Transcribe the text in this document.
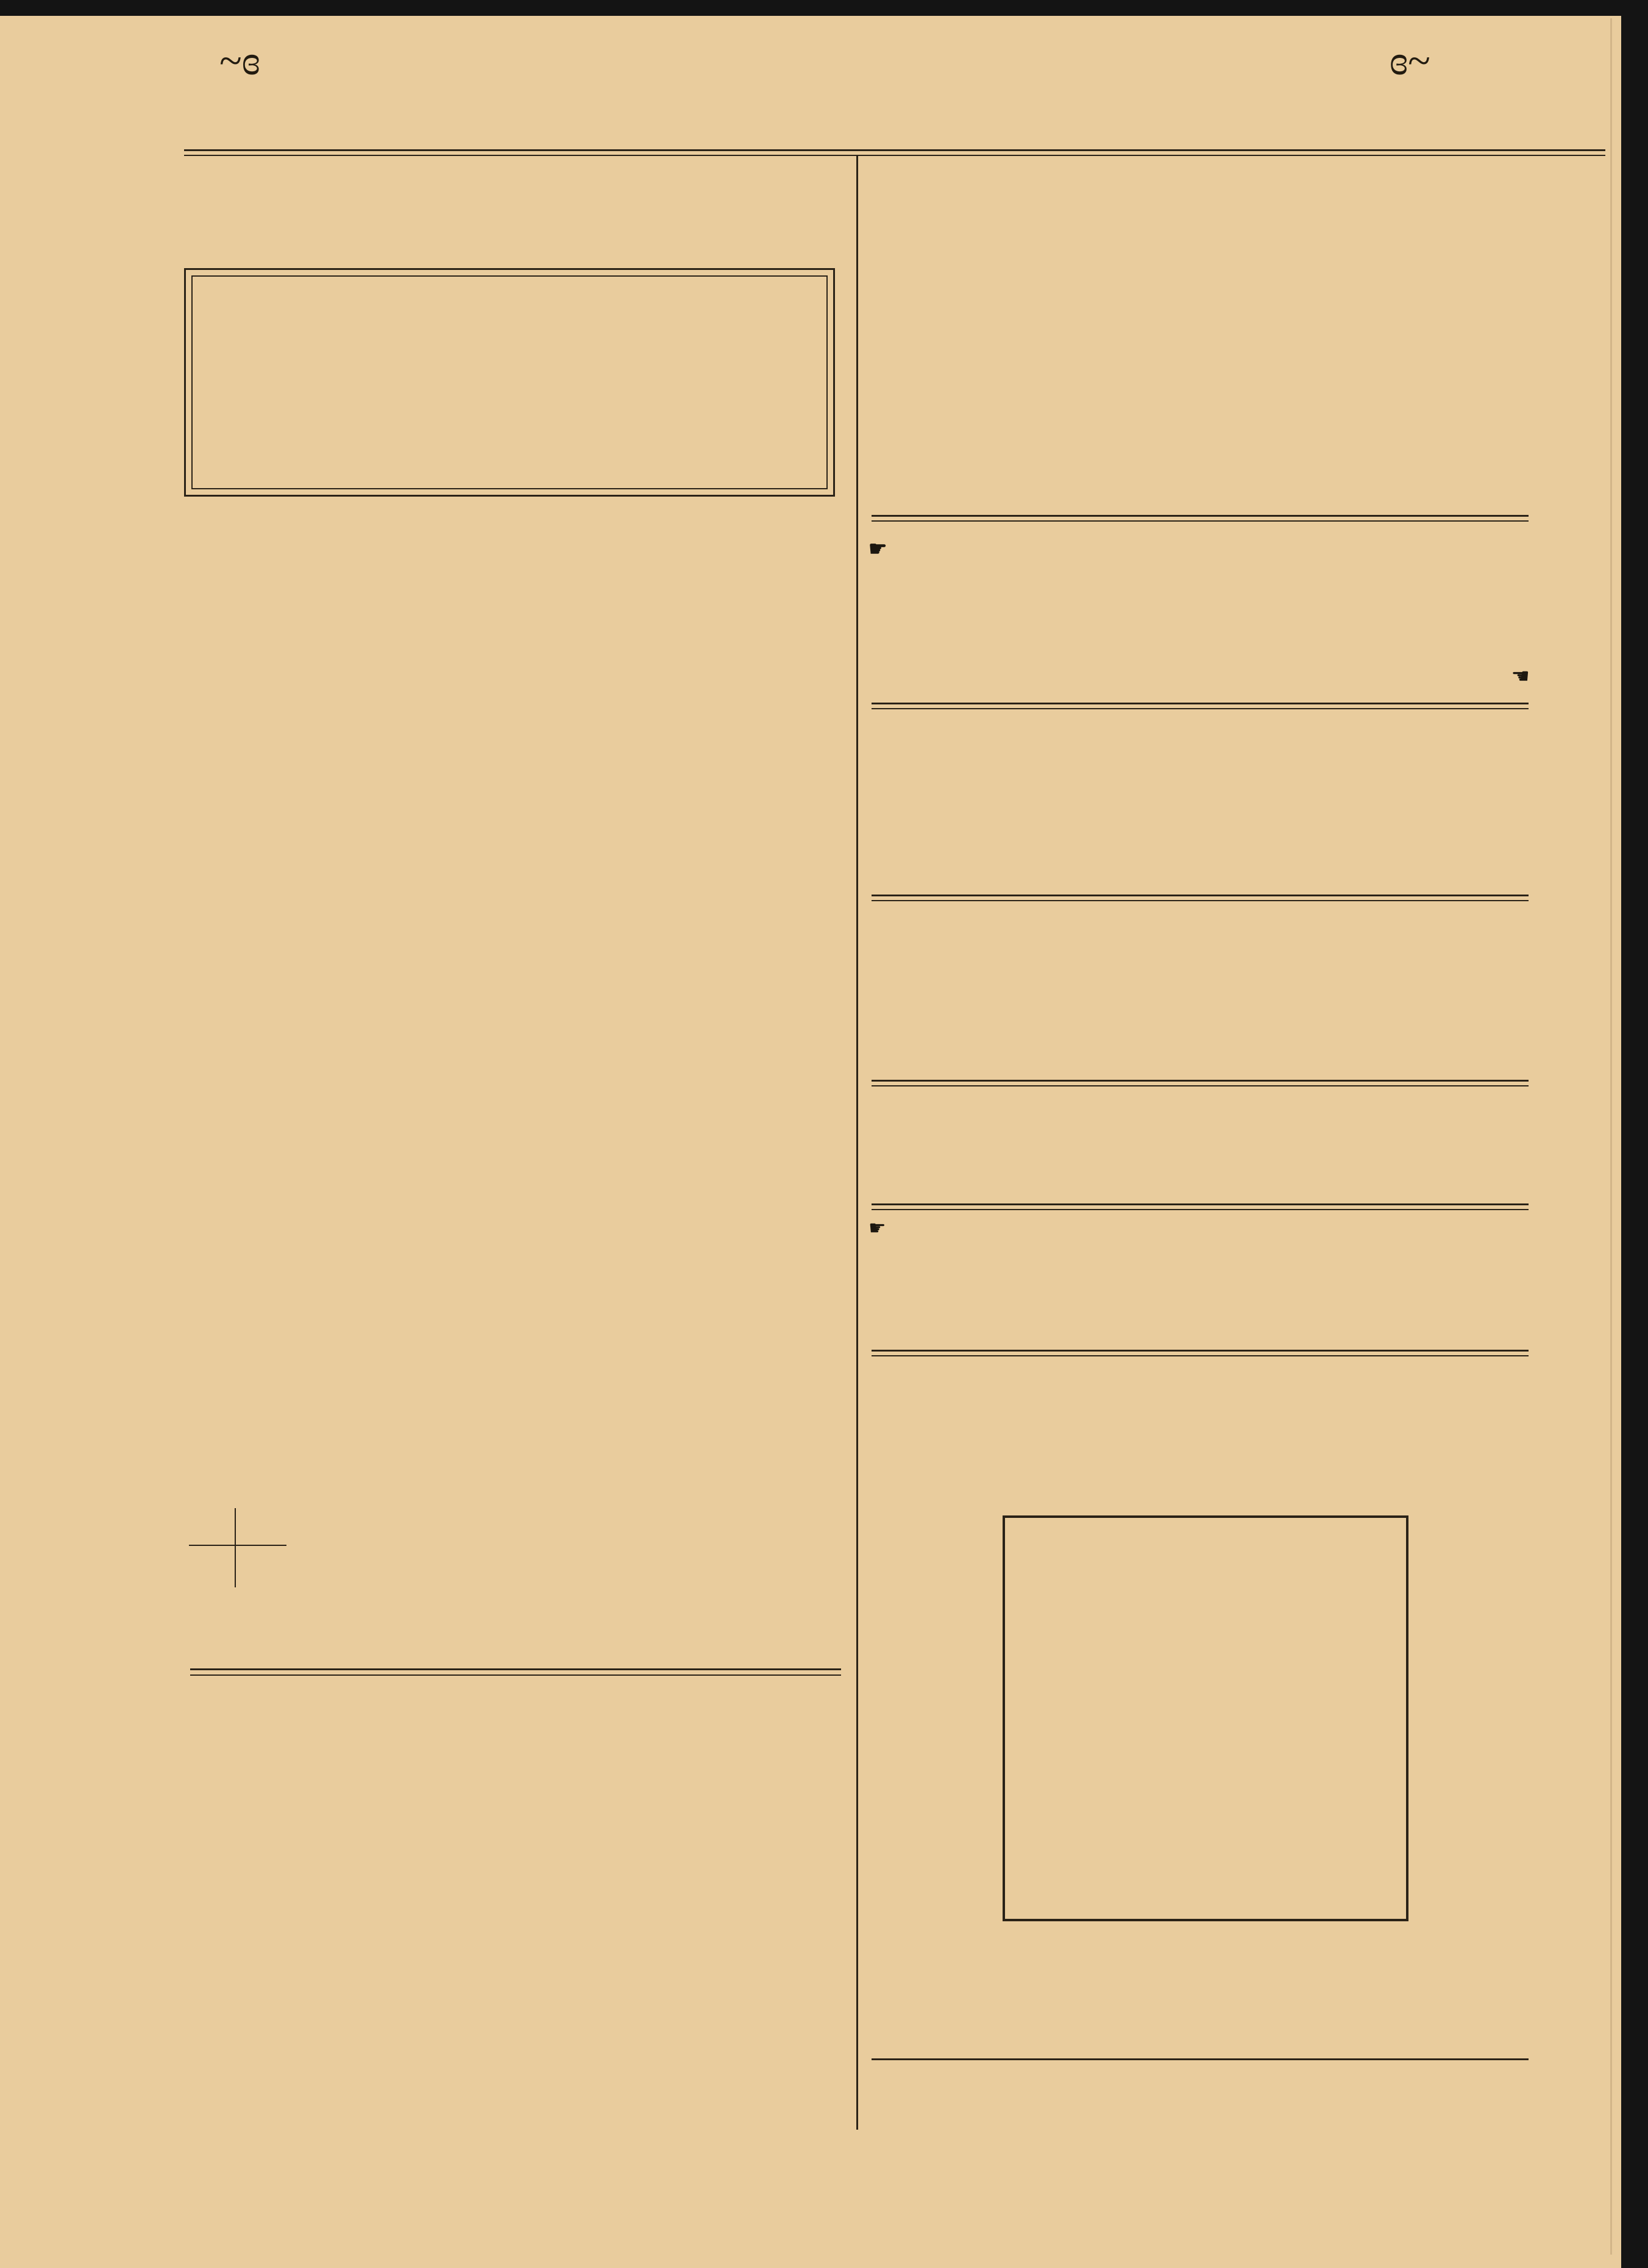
~ɞ	ɞ~
☛
☚
☛
